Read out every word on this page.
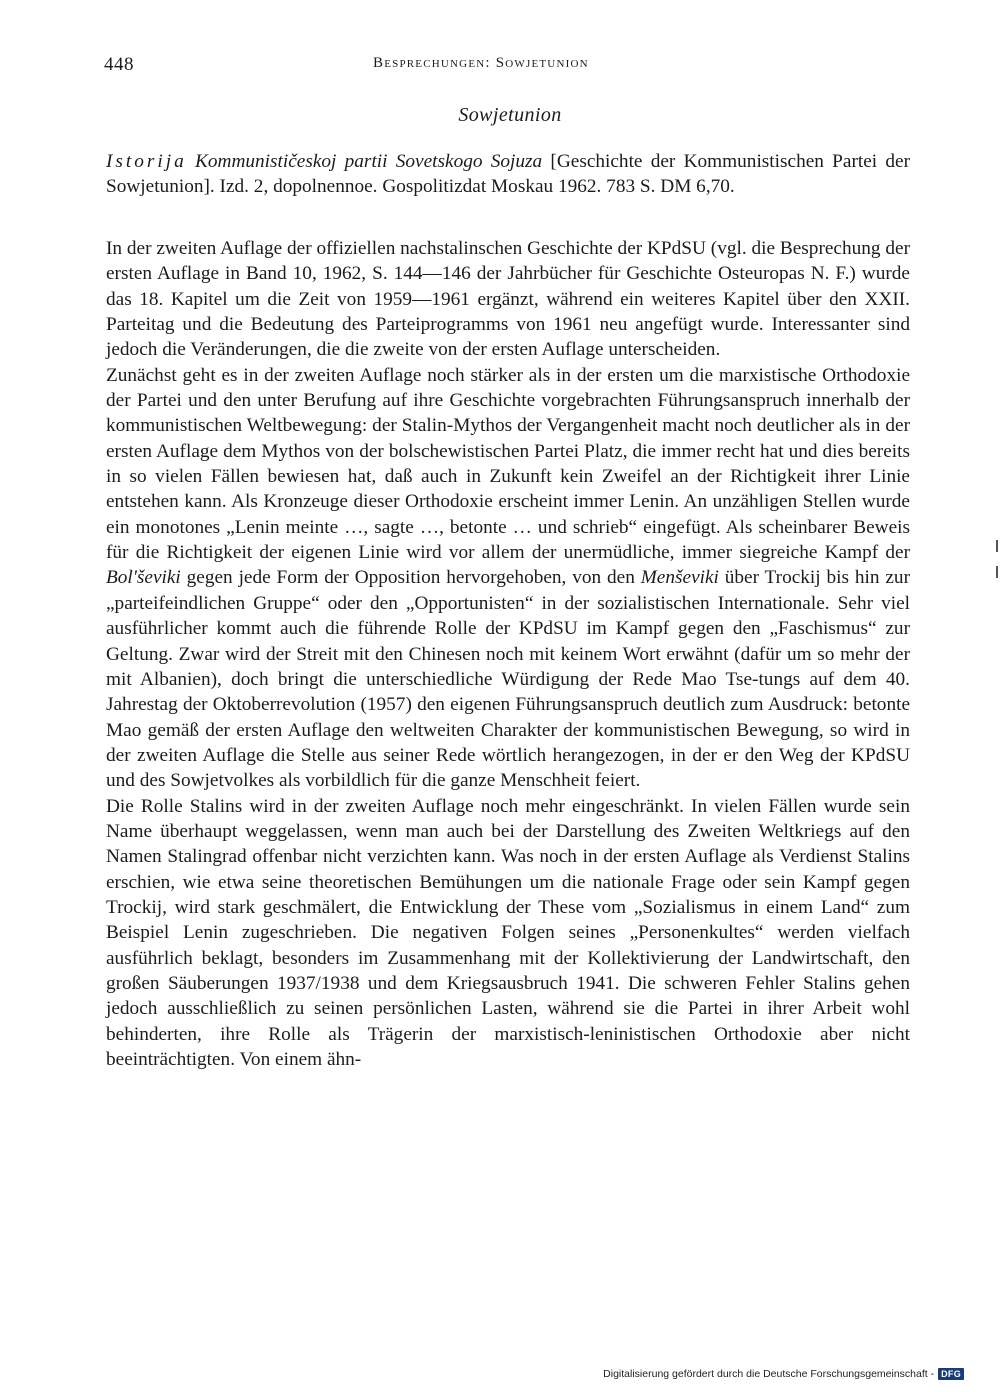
448	Besprechungen: Sowjetunion
Sowjetunion
Istorija Kommunističeskoj partii Sovetskogo Sojuza [Geschichte der Kommunistischen Partei der Sowjetunion]. Izd. 2, dopolnennoe. Gospolitizdat Moskau 1962. 783 S. DM 6,70.

In der zweiten Auflage der offiziellen nachstalinschen Geschichte der KPdSU (vgl. die Besprechung der ersten Auflage in Band 10, 1962, S. 144—146 der Jahrbücher für Geschichte Osteuropas N. F.) wurde das 18. Kapitel um die Zeit von 1959—1961 ergänzt, während ein weiteres Kapitel über den XXII. Parteitag und die Bedeutung des Parteiprogramms von 1961 neu angefügt wurde. Interessanter sind jedoch die Veränderungen, die die zweite von der ersten Auflage unterscheiden.

Zunächst geht es in der zweiten Auflage noch stärker als in der ersten um die marxistische Orthodoxie der Partei und den unter Berufung auf ihre Geschichte vorgebrachten Führungsanspruch innerhalb der kommunistischen Weltbewegung: der Stalin-Mythos der Vergangenheit macht noch deutlicher als in der ersten Auflage dem Mythos von der bolschewistischen Partei Platz, die immer recht hat und dies bereits in so vielen Fällen bewiesen hat, daß auch in Zukunft kein Zweifel an der Richtigkeit ihrer Linie entstehen kann. Als Kronzeuge dieser Orthodoxie erscheint immer Lenin. An unzähligen Stellen wurde ein monotones „Lenin meinte …, sagte …, betonte … und schrieb“ eingefügt. Als scheinbarer Beweis für die Richtigkeit der eigenen Linie wird vor allem der unermüdliche, immer siegreiche Kampf der Bol'ševiki gegen jede Form der Opposition hervorgehoben, von den Menševiki über Trockij bis hin zur „parteifeindlichen Gruppe“ oder den „Opportunisten“ in der sozialistischen Internationale. Sehr viel ausführlicher kommt auch die führende Rolle der KPdSU im Kampf gegen den „Faschismus“ zur Geltung. Zwar wird der Streit mit den Chinesen noch mit keinem Wort erwähnt (dafür um so mehr der mit Albanien), doch bringt die unterschiedliche Würdigung der Rede Mao Tse-tungs auf dem 40. Jahrestag der Oktoberrevolution (1957) den eigenen Führungsanspruch deutlich zum Ausdruck: betonte Mao gemäß der ersten Auflage den weltweiten Charakter der kommunistischen Bewegung, so wird in der zweiten Auflage die Stelle aus seiner Rede wörtlich herangezogen, in der er den Weg der KPdSU und des Sowjetvolkes als vorbildlich für die ganze Menschheit feiert.

Die Rolle Stalins wird in der zweiten Auflage noch mehr eingeschränkt. In vielen Fällen wurde sein Name überhaupt weggelassen, wenn man auch bei der Darstellung des Zweiten Weltkriegs auf den Namen Stalingrad offenbar nicht verzichten kann. Was noch in der ersten Auflage als Verdienst Stalins erschien, wie etwa seine theoretischen Bemühungen um die nationale Frage oder sein Kampf gegen Trockij, wird stark geschmälert, die Entwicklung der These vom „Sozialismus in einem Land“ zum Beispiel Lenin zugeschrieben. Die negativen Folgen seines „Personenkultes“ werden vielfach ausführlich beklagt, besonders im Zusammenhang mit der Kollektivierung der Landwirtschaft, den großen Säuberungen 1937/1938 und dem Kriegsausbruch 1941. Die schweren Fehler Stalins gehen jedoch ausschließlich zu seinen persönlichen Lasten, während sie die Partei in ihrer Arbeit wohl behinderten, ihre Rolle als Trägerin der marxistisch-leninistischen Orthodoxie aber nicht beeinträchtigten. Von einem ähn-

Digitalisierung gefördert durch die Deutsche Forschungsgemeinschaft - DFG
